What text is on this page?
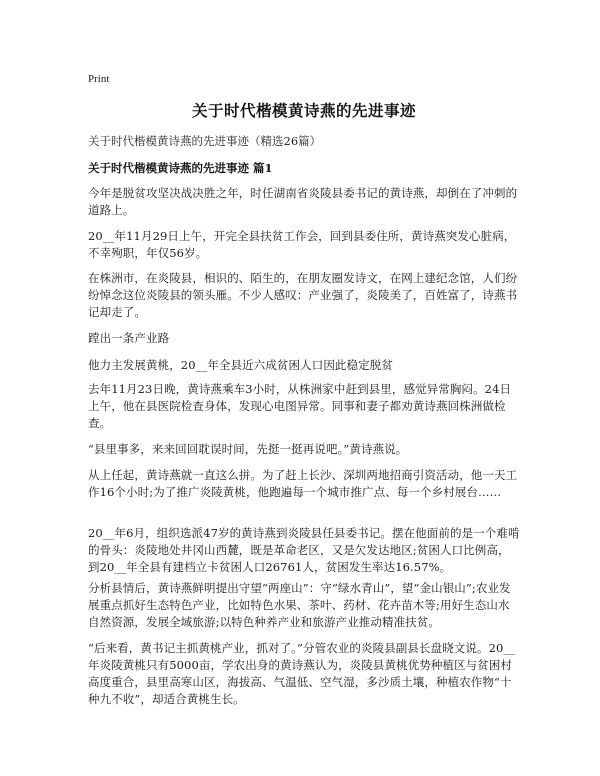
Print
关于时代楷模黄诗燕的先进事迹
关于时代楷模黄诗燕的先进事迹（精选26篇）
关于时代楷模黄诗燕的先进事迹 篇1
今年是脱贫攻坚决战决胜之年，时任湖南省炎陵县委书记的黄诗燕，却倒在了冲刺的道路上。
20__年11月29日上午，开完全县扶贫工作会，回到县委住所，黄诗燕突发心脏病，不幸殉职，年仅56岁。
在株洲市，在炎陵县，相识的、陌生的，在朋友圈发诗文，在网上建纪念馆，人们纷纷悼念这位炎陵县的领头雁。不少人感叹：产业强了，炎陵美了，百姓富了，诗燕书记却走了。
蹚出一条产业路
他力主发展黄桃，20__年全县近六成贫困人口因此稳定脱贫
去年11月23日晚，黄诗燕乘车3小时，从株洲家中赶到县里，感觉异常胸闷。24日上午，他在县医院检查身体，发现心电图异常。同事和妻子都劝黄诗燕回株洲做检查。
“县里事多，来来回回耽误时间，先挺一挺再说吧。”黄诗燕说。
从上任起，黄诗燕就一直这么拼。为了赶上长沙、深圳两地招商引资活动，他一天工作16个小时;为了推广炎陵黄桃，他跑遍每一个城市推广点、每一个乡村展台……
20__年6月，组织选派47岁的黄诗燕到炎陵县任县委书记。摆在他面前的是一个难啃的骨头：炎陵地处井冈山西麓，既是革命老区，又是欠发达地区;贫困人口比例高，到20__年全县有建档立卡贫困人口26761人，贫困发生率达16.57%。
分析县情后，黄诗燕鲜明提出守望“两座山”：守“绿水青山”，望“金山银山”;农业发展重点抓好生态特色产业，比如特色水果、茶叶、药材、花卉苗木等;用好生态山水自然资源，发展全域旅游;以特色种养产业和旅游产业推动精准扶贫。
“后来看，黄书记主抓黄桃产业，抓对了。”分管农业的炎陵县副县长盘晓文说。20__年炎陵黄桃只有5000亩，学农出身的黄诗燕认为，炎陵县黄桃优势种植区与贫困村高度重合，县里高寒山区，海拔高、气温低、空气湿，多沙质土壤，种植农作物“十种九不收”，却适合黄桃生长。
